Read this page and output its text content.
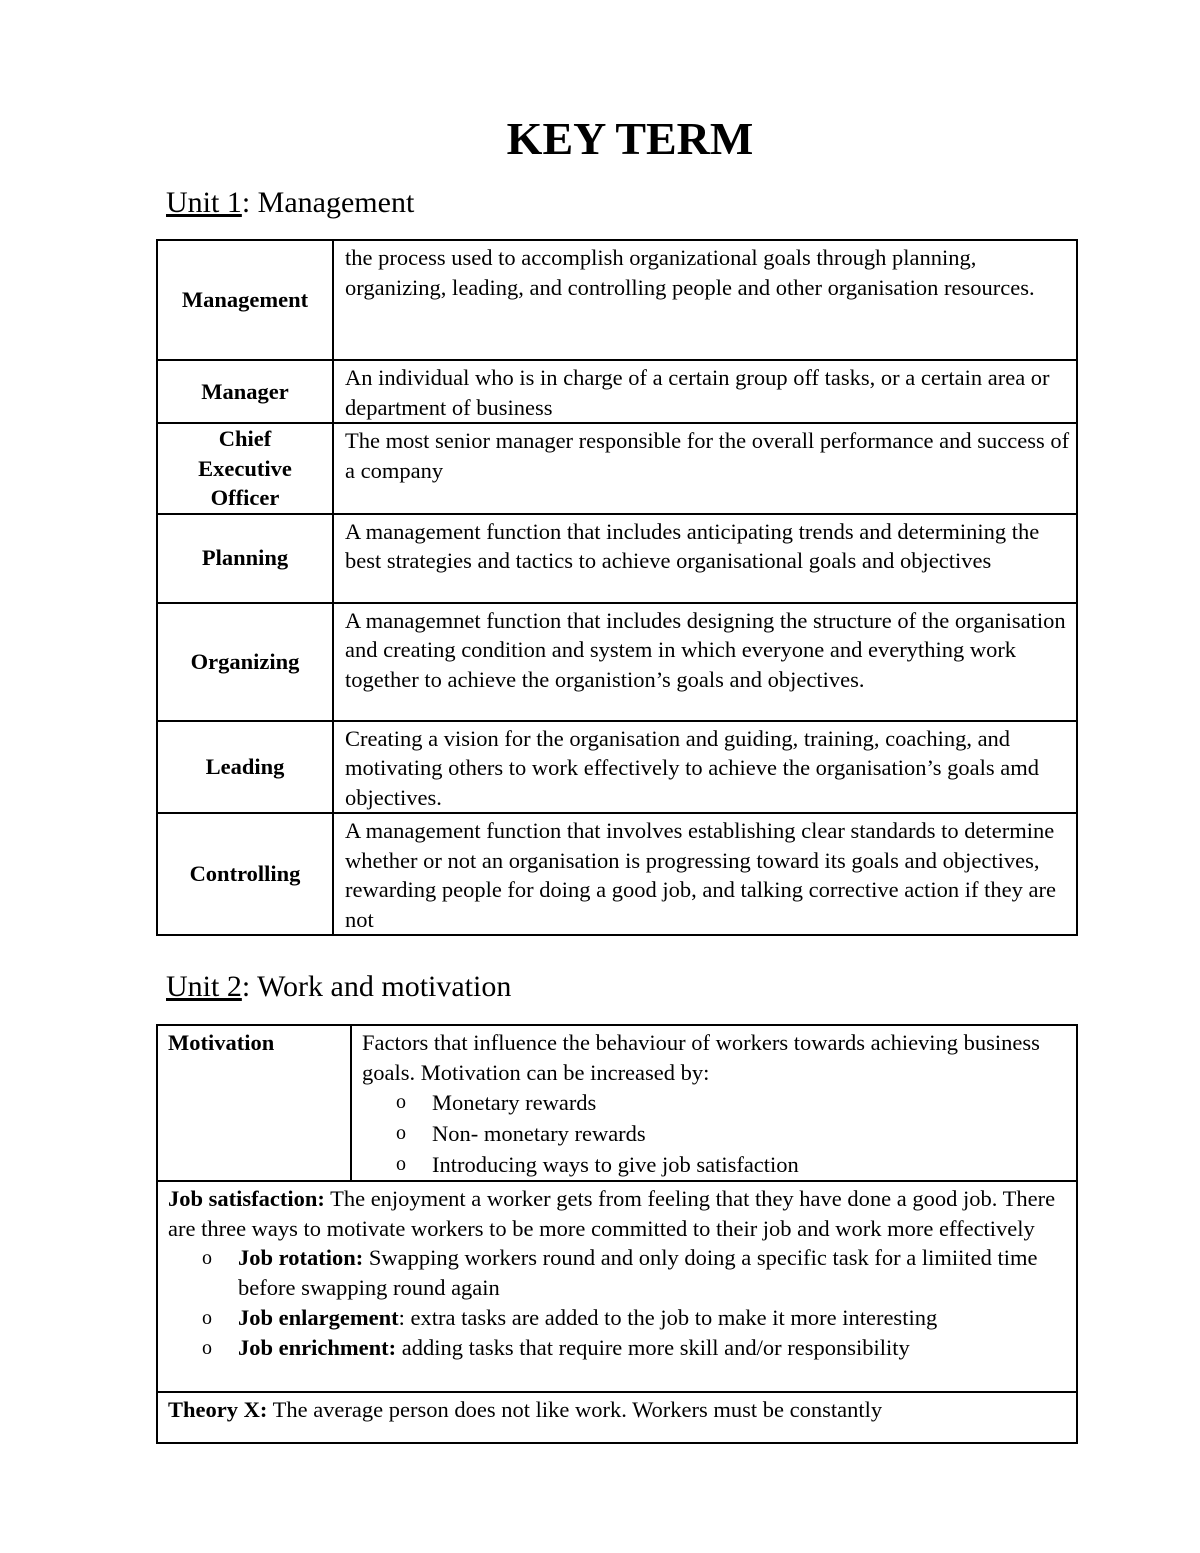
KEY TERM
Unit 1: Management
Management	the process used to accomplish organizational goals through planning, organizing, leading, and controlling people and other organisation resources.
Manager	An individual who is in charge of a certain group off tasks, or a certain area or department of business
Chief Executive Officer	The most senior manager responsible for the overall performance and success of a company
Planning	A management function that includes anticipating trends and determining the best strategies and tactics to achieve organisational goals and objectives
Organizing	A managemnet function that includes designing the structure of the organisation and creating condition and system in which everyone and everything work together to achieve the organistion’s goals and objectives.
Leading	Creating a vision for the organisation and guiding, training, coaching, and motivating others to work effectively to achieve the organisation’s goals amd objectives.
Controlling	A management function that involves establishing clear standards to determine whether or not an organisation is progressing toward its goals and objectives, rewarding people for doing a good job, and talking corrective action if they are not
Unit 2: Work and motivation
Motivation	Factors that influence the behaviour of workers towards achieving business goals. Motivation can be increased by:
o Monetary rewards
o Non- monetary rewards
o Introducing ways to give job satisfaction

Job satisfaction: The enjoyment a worker gets from feeling that they have done a good job. There are three ways to motivate workers to be more committed to their job and work more effectively
o Job rotation: Swapping workers round and only doing a specific task for a limiited time before swapping round again
o Job enlargement: extra tasks are added to the job to make it more interesting
o Job enrichment: adding tasks that require more skill and/or responsibility

Theory X: The average person does not like work. Workers must be constantly
